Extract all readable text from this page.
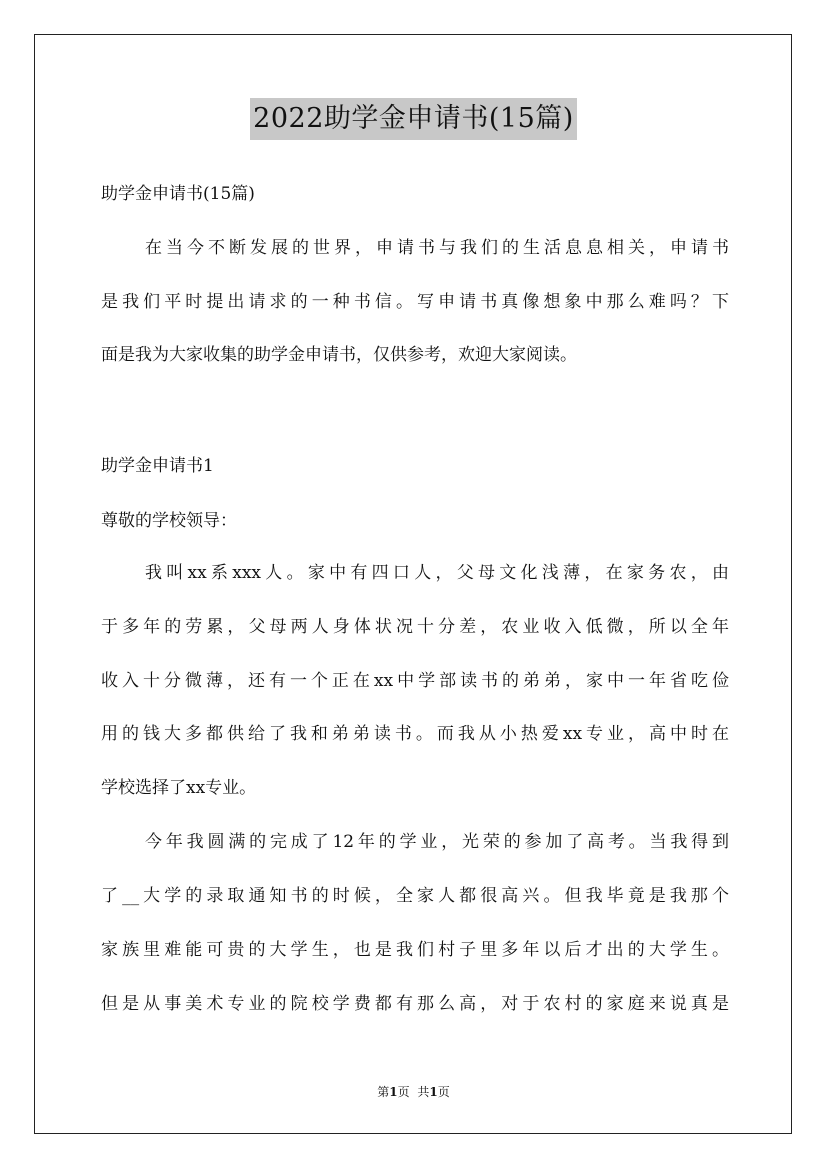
2022助学金申请书(15篇)
助学金申请书(15篇)
在当今不断发展的世界，申请书与我们的生活息息相关，申请书
是我们平时提出请求的一种书信。写申请书真像想象中那么难吗？下
面是我为大家收集的助学金申请书，仅供参考，欢迎大家阅读。
助学金申请书1
尊敬的学校领导：
我叫xx系xxx人。家中有四口人，父母文化浅薄，在家务农，由
于多年的劳累，父母两人身体状况十分差，农业收入低微，所以全年
收入十分微薄，还有一个正在xx中学部读书的弟弟，家中一年省吃俭
用的钱大多都供给了我和弟弟读书。而我从小热爱xx专业，高中时在
学校选择了xx专业。
今年我圆满的完成了12年的学业，光荣的参加了高考。当我得到
了__大学的录取通知书的时候，全家人都很高兴。但我毕竟是我那个
家族里难能可贵的大学生，也是我们村子里多年以后才出的大学生。
但是从事美术专业的院校学费都有那么高，对于农村的家庭来说真是
第1页 共1页
